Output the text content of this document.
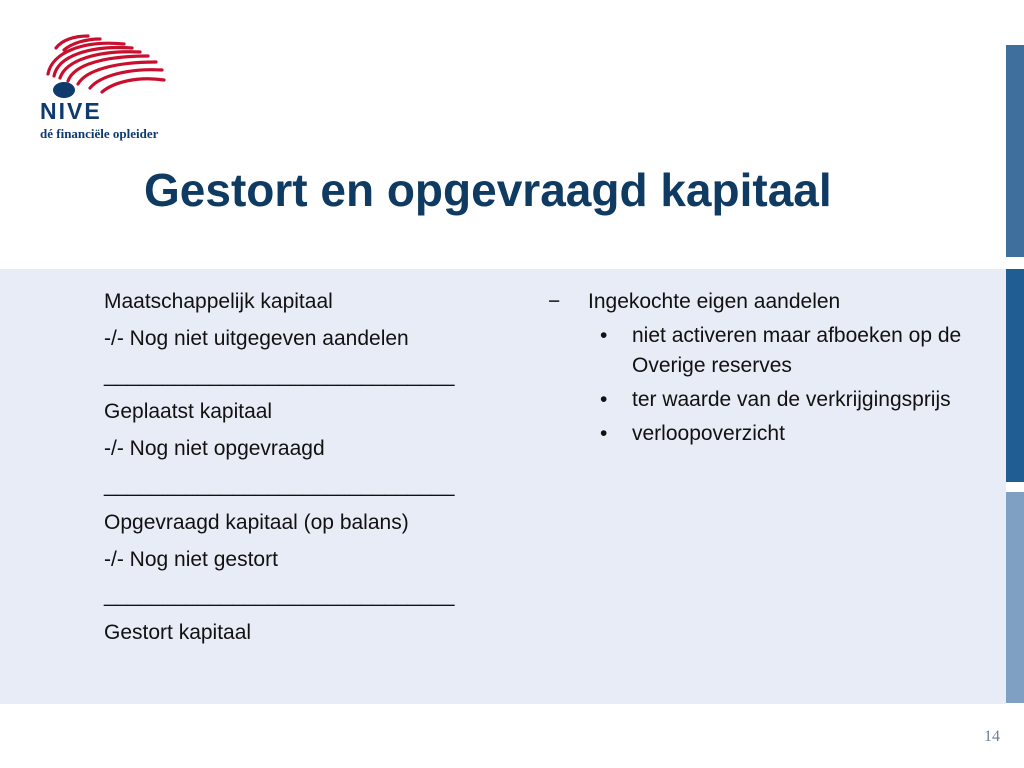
NIVE
dé financiële opleider
Gestort en opgevraagd kapitaal
Maatschappelijk kapitaal
-/- Nog niet uitgegeven aandelen
______________________________
Geplaatst kapitaal
-/- Nog niet opgevraagd
______________________________
Opgevraagd kapitaal (op balans)
-/- Nog niet gestort
______________________________
Gestort kapitaal
−	Ingekochte eigen aandelen
•	niet activeren maar afboeken op de Overige reserves
•	ter waarde van de verkrijgingsprijs
•	verloopoverzicht
14
